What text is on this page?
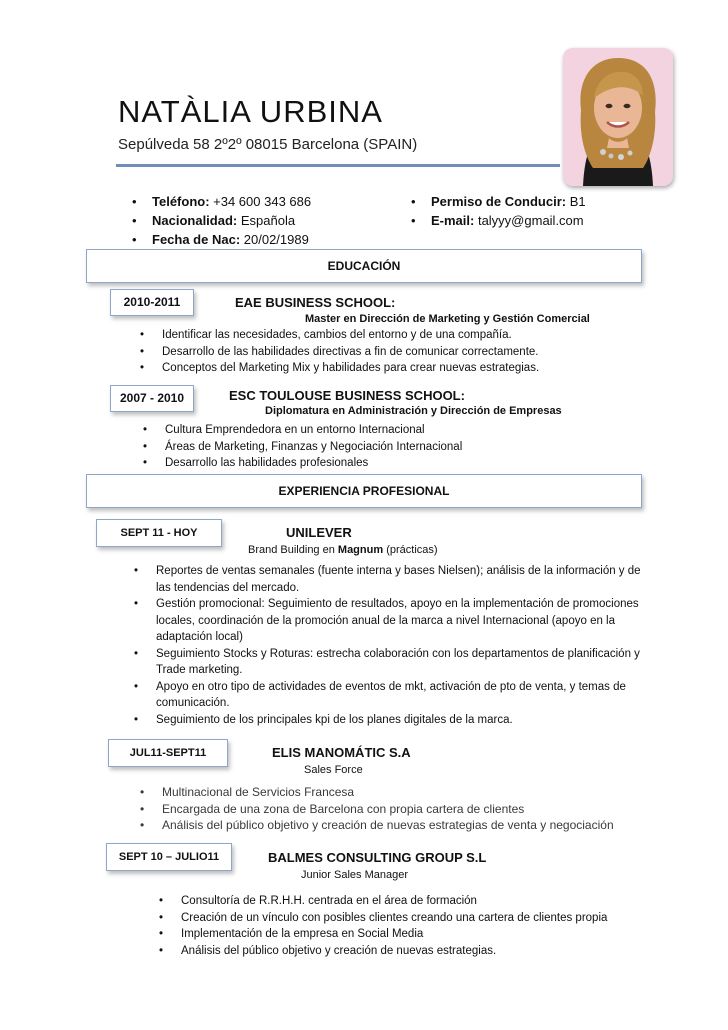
NATÀLIA URBINA
Sepúlveda 58 2º2º 08015 Barcelona (SPAIN)
• Teléfono: +34 600 343 686
• Nacionalidad: Española
• Fecha de Nac: 20/02/1989
• Permiso de Conducir: B1
• E-mail: talyyy@gmail.com
EDUCACIÓN
2010-2011	EAE BUSINESS SCHOOL:
Master en Dirección de Marketing y Gestión Comercial
• Identificar las necesidades, cambios del entorno y de una compañía.
• Desarrollo de las habilidades directivas a fin de comunicar correctamente.
• Conceptos del Marketing Mix y habilidades para crear nuevas estrategias.
2007 - 2010	ESC TOULOUSE BUSINESS SCHOOL:
Diplomatura en Administración y Dirección de Empresas
• Cultura Emprendedora en un entorno Internacional
• Áreas de Marketing, Finanzas y Negociación Internacional
• Desarrollo las habilidades profesionales
EXPERIENCIA PROFESIONAL
SEPT 11 - HOY	UNILEVER
Brand Building en Magnum (prácticas)
• Reportes de ventas semanales (fuente interna y bases Nielsen); análisis de la información y de las tendencias del mercado.
• Gestión promocional: Seguimiento de resultados, apoyo en la implementación de promociones locales, coordinación de la promoción anual de la marca a nivel Internacional (apoyo en la adaptación local)
• Seguimiento Stocks y Roturas: estrecha colaboración con los departamentos de planificación y Trade marketing.
• Apoyo en otro tipo de actividades de eventos de mkt, activación de pto de venta, y temas de comunicación.
• Seguimiento de los principales kpi de los planes digitales de la marca.
JUL11-SEPT11	ELIS MANOMÁTIC S.A
Sales Force
• Multinacional de Servicios Francesa
• Encargada de una zona de Barcelona con propia cartera de clientes
• Análisis del público objetivo y creación de nuevas estrategias de venta y negociación
SEPT 10 – JULIO11	BALMES CONSULTING GROUP S.L
Junior Sales Manager
• Consultoría de R.R.H.H. centrada en el área de formación
• Creación de un vínculo con posibles clientes creando una cartera de clientes propia
• Implementación de la empresa en Social Media
• Análisis del público objetivo y creación de nuevas estrategias.
